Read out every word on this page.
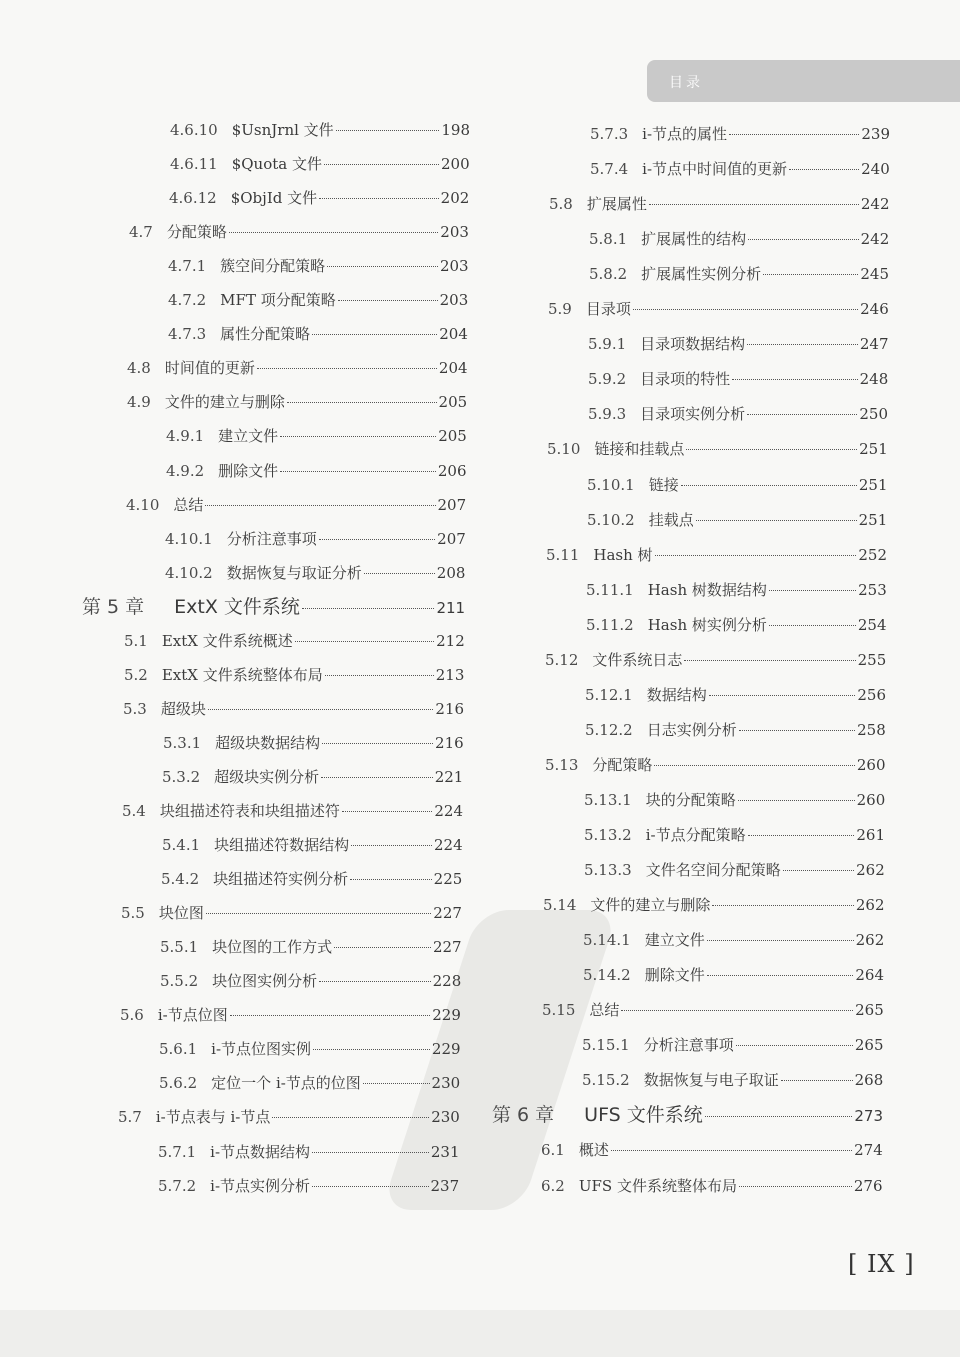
目录
4.6.10 $UsnJrnl 文件	198
4.6.11 $Quota 文件	200
4.6.12 $ObjId 文件	202
4.7 分配策略	203
4.7.1 簇空间分配策略	203
4.7.2 MFT 项分配策略	203
4.7.3 属性分配策略	204
4.8 时间值的更新	204
4.9 文件的建立与删除	205
4.9.1 建立文件	205
4.9.2 删除文件	206
4.10 总结	207
4.10.1 分析注意事项	207
4.10.2 数据恢复与取证分析	208
第 5 章 ExtX 文件系统	211
5.1 ExtX 文件系统概述	212
5.2 ExtX 文件系统整体布局	213
5.3 超级块	216
5.3.1 超级块数据结构	216
5.3.2 超级块实例分析	221
5.4 块组描述符表和块组描述符	224
5.4.1 块组描述符数据结构	224
5.4.2 块组描述符实例分析	225
5.5 块位图	227
5.5.1 块位图的工作方式	227
5.5.2 块位图实例分析	228
5.6 i-节点位图	229
5.6.1 i-节点位图实例	229
5.6.2 定位一个 i-节点的位图	230
5.7 i-节点表与 i-节点	230
5.7.1 i-节点数据结构	231
5.7.2 i-节点实例分析	237
5.7.3 i-节点的属性	239
5.7.4 i-节点中时间值的更新	240
5.8 扩展属性	242
5.8.1 扩展属性的结构	242
5.8.2 扩展属性实例分析	245
5.9 目录项	246
5.9.1 目录项数据结构	247
5.9.2 目录项的特性	248
5.9.3 目录项实例分析	250
5.10 链接和挂载点	251
5.10.1 链接	251
5.10.2 挂载点	251
5.11 Hash 树	252
5.11.1 Hash 树数据结构	253
5.11.2 Hash 树实例分析	254
5.12 文件系统日志	255
5.12.1 数据结构	256
5.12.2 日志实例分析	258
5.13 分配策略	260
5.13.1 块的分配策略	260
5.13.2 i-节点分配策略	261
5.13.3 文件名空间分配策略	262
5.14 文件的建立与删除	262
5.14.1 建立文件	262
5.14.2 删除文件	264
5.15 总结	265
5.15.1 分析注意事项	265
5.15.2 数据恢复与电子取证	268
第 6 章 UFS 文件系统	273
6.1 概述	274
6.2 UFS 文件系统整体布局	276
[ IX ]
